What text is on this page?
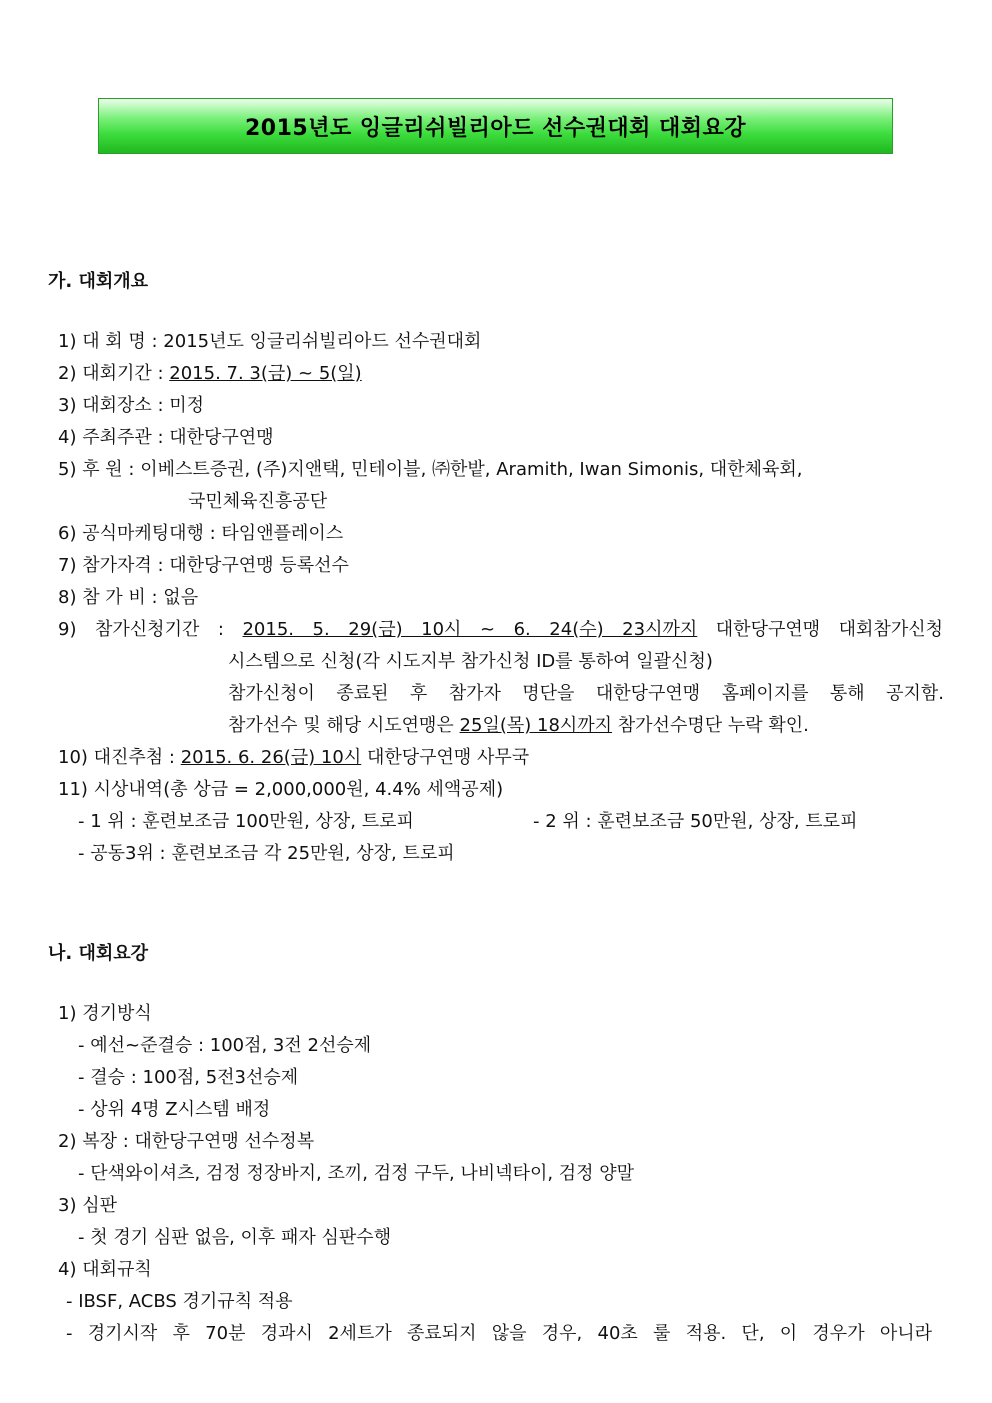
2015년도 잉글리쉬빌리아드 선수권대회 대회요강
가. 대회개요
1) 대 회 명 : 2015년도 잉글리쉬빌리아드 선수권대회
2) 대회기간 : 2015. 7. 3(금) ~ 5(일)
3) 대회장소 : 미정
4) 주최주관 : 대한당구연맹
5) 후 원 : 이베스트증권, (주)지앤택, 민테이블, ㈜한밭, Aramith, Iwan Simonis, 대한체육회,
국민체육진흥공단
6) 공식마케팅대행 : 타임앤플레이스
7) 참가자격 : 대한당구연맹 등록선수
8) 참 가 비 : 없음
9) 참가신청기간 : 2015. 5. 29(금) 10시 ~ 6. 24(수) 23시까지 대한당구연맹 대회참가신청
시스템으로 신청(각 시도지부 참가신청 ID를 통하여 일괄신청)
참가신청이 종료된 후 참가자 명단을 대한당구연맹 홈페이지를 통해 공지함.
참가선수 및 해당 시도연맹은 25일(목) 18시까지 참가선수명단 누락 확인.
10) 대진추첨 : 2015. 6. 26(금) 10시 대한당구연맹 사무국
11) 시상내역(총 상금 = 2,000,000원, 4.4% 세액공제)
- 1 위 : 훈련보조금 100만원, 상장, 트로피	- 2 위 : 훈련보조금 50만원, 상장, 트로피
- 공동3위 : 훈련보조금 각 25만원, 상장, 트로피
나. 대회요강
1) 경기방식
- 예선~준결승 : 100점, 3전 2선승제
- 결승 : 100점, 5전3선승제
- 상위 4명 Z시스템 배정
2) 복장 : 대한당구연맹 선수정복
- 단색와이셔츠, 검정 정장바지, 조끼, 검정 구두, 나비넥타이, 검정 양말
3) 심판
- 첫 경기 심판 없음, 이후 패자 심판수행
4) 대회규칙
- IBSF, ACBS 경기규칙 적용
- 경기시작 후 70분 경과시 2세트가 종료되지 않을 경우, 40초 룰 적용. 단, 이 경우가 아니라
